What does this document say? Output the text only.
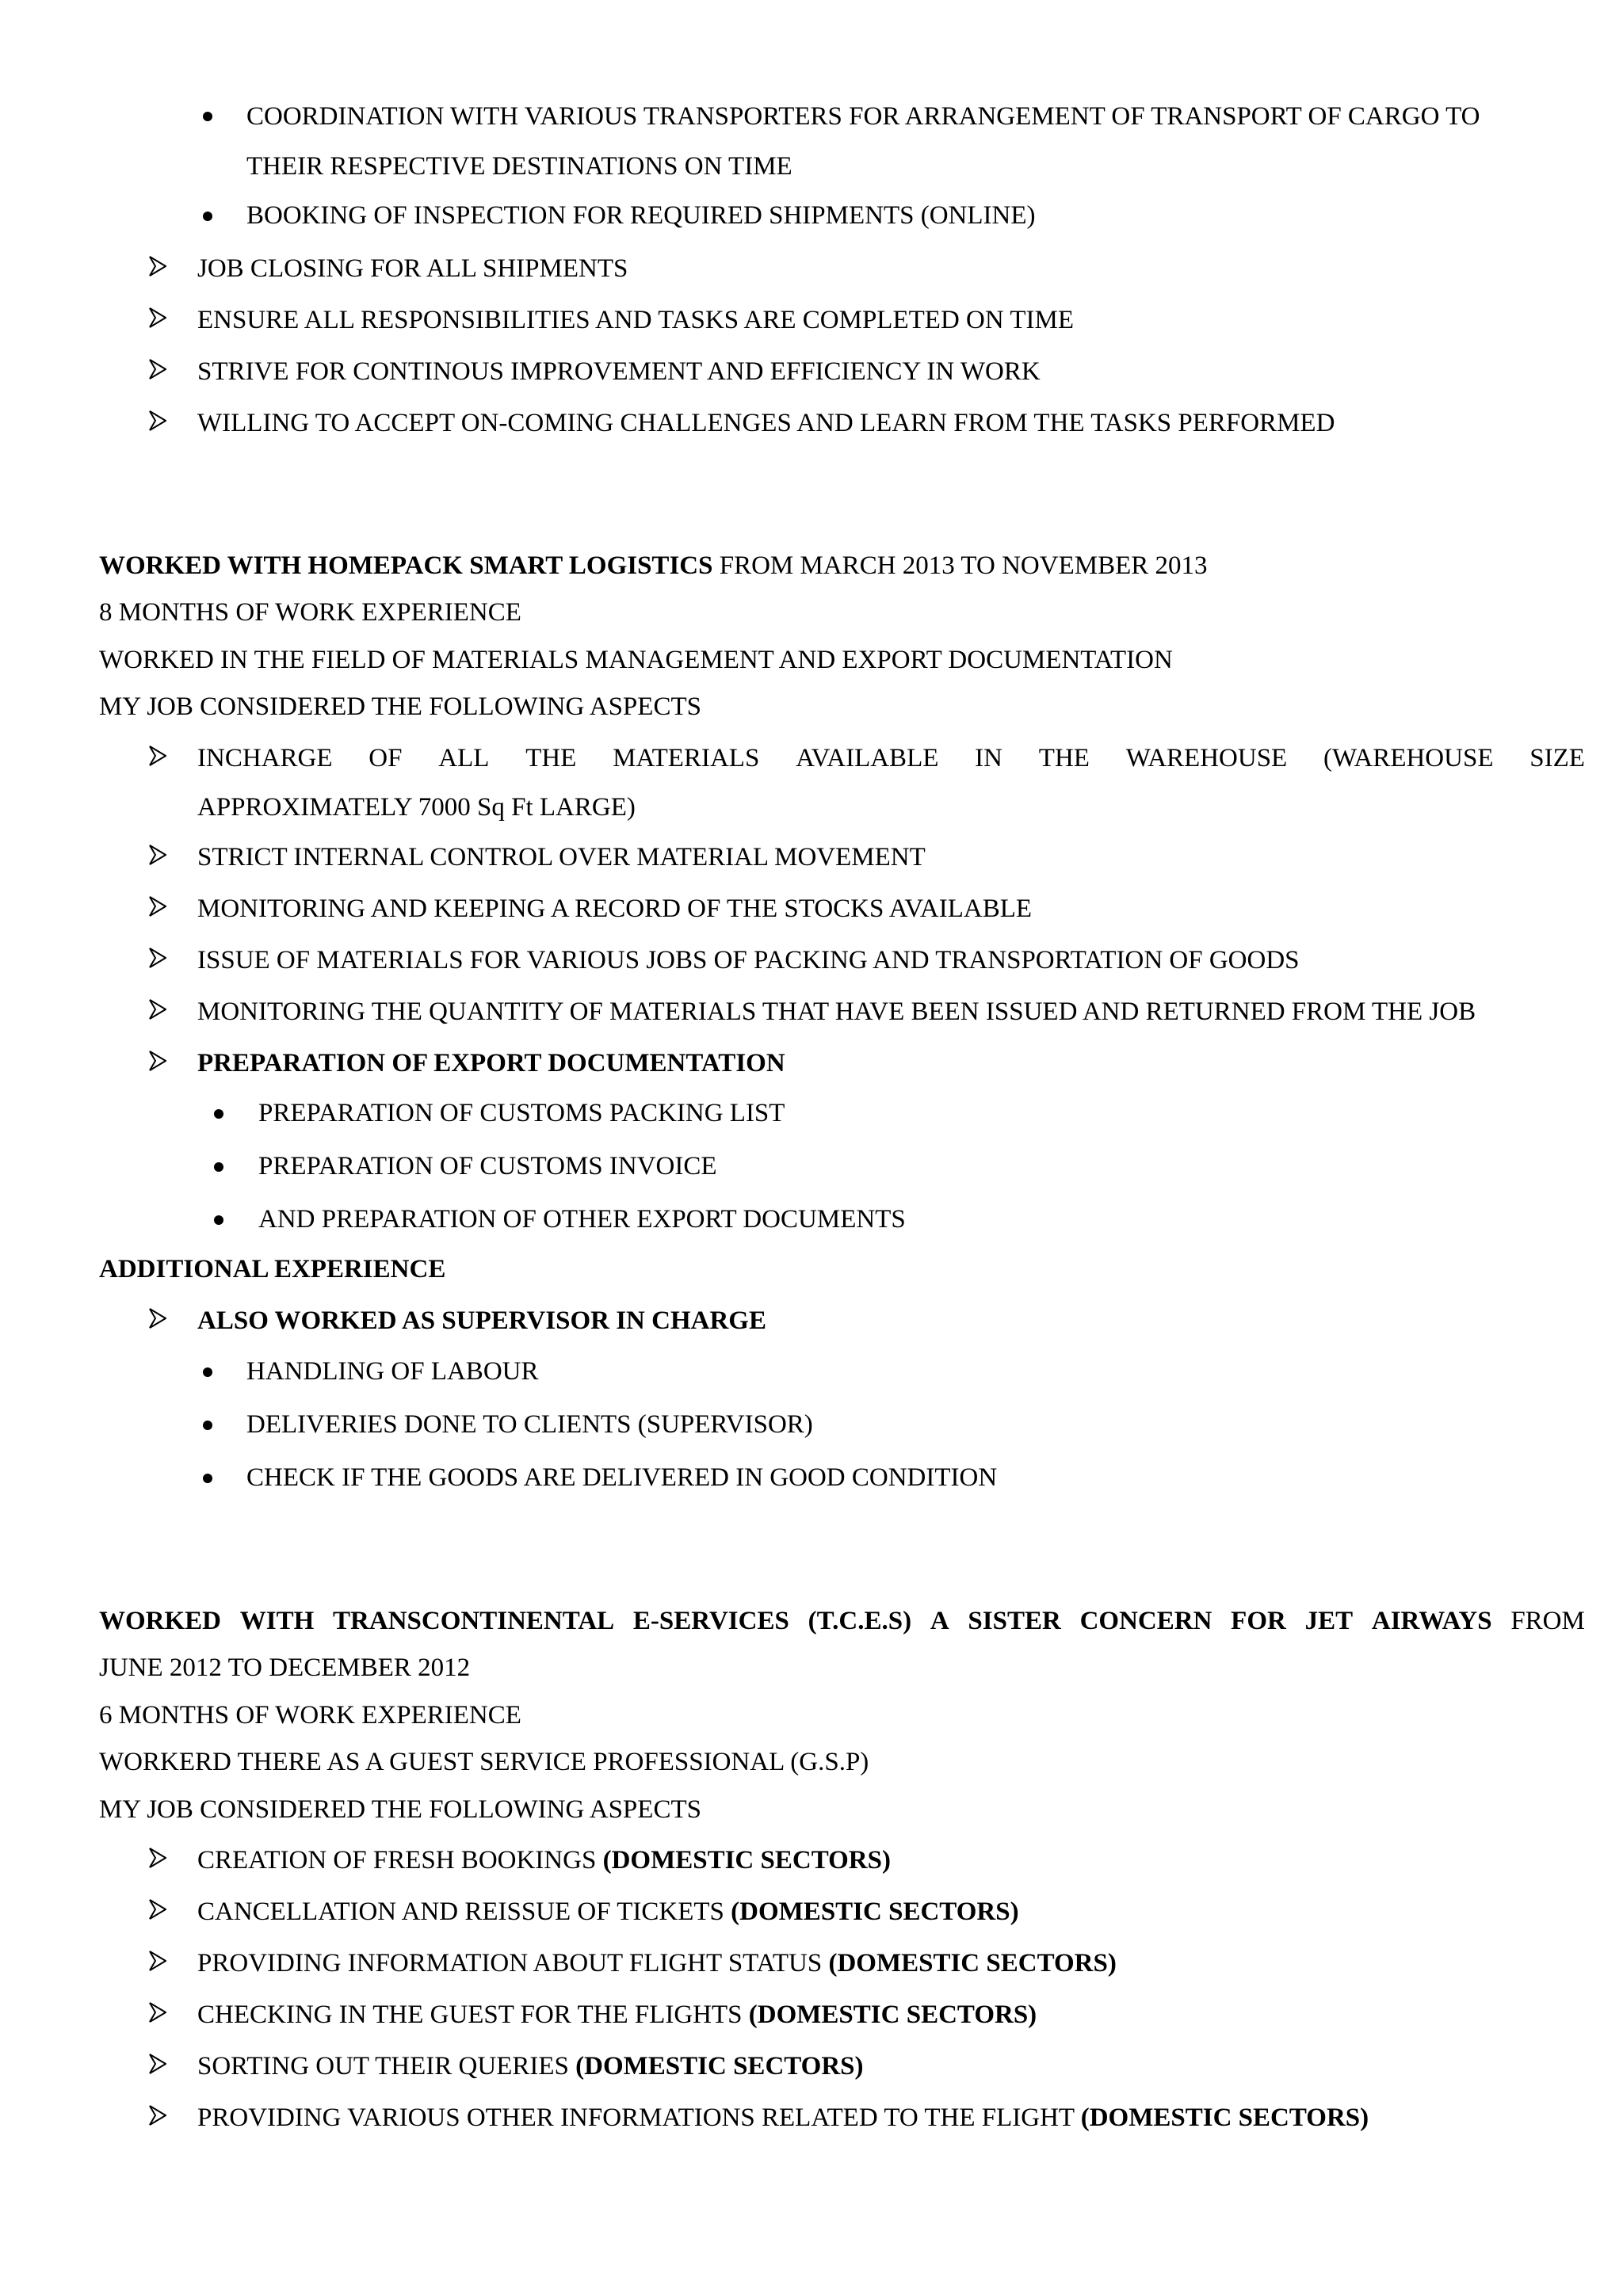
COORDINATION WITH VARIOUS TRANSPORTERS FOR ARRANGEMENT OF TRANSPORT OF CARGO TO
THEIR RESPECTIVE DESTINATIONS ON TIME
BOOKING OF INSPECTION FOR REQUIRED SHIPMENTS (ONLINE)
JOB CLOSING FOR ALL SHIPMENTS
ENSURE ALL RESPONSIBILITIES AND TASKS ARE COMPLETED ON TIME
STRIVE FOR CONTINOUS IMPROVEMENT AND EFFICIENCY IN WORK
WILLING TO ACCEPT ON-COMING CHALLENGES AND LEARN FROM THE TASKS PERFORMED
WORKED WITH HOMEPACK SMART LOGISTICS FROM MARCH 2013 TO NOVEMBER 2013
8 MONTHS OF WORK EXPERIENCE
WORKED IN THE FIELD OF MATERIALS MANAGEMENT AND EXPORT DOCUMENTATION
MY JOB CONSIDERED THE FOLLOWING ASPECTS
INCHARGE OF ALL THE MATERIALS AVAILABLE IN THE WAREHOUSE (WAREHOUSE SIZE
APPROXIMATELY 7000 Sq Ft LARGE)
STRICT INTERNAL CONTROL OVER MATERIAL MOVEMENT
MONITORING AND KEEPING A RECORD OF THE STOCKS AVAILABLE
ISSUE OF MATERIALS FOR VARIOUS JOBS OF PACKING AND TRANSPORTATION OF GOODS
MONITORING THE QUANTITY OF MATERIALS THAT HAVE BEEN ISSUED AND RETURNED FROM THE JOB
PREPARATION OF EXPORT DOCUMENTATION
PREPARATION OF CUSTOMS PACKING LIST
PREPARATION OF CUSTOMS INVOICE
AND PREPARATION OF OTHER EXPORT DOCUMENTS
ADDITIONAL EXPERIENCE
ALSO WORKED AS SUPERVISOR IN CHARGE
HANDLING OF LABOUR
DELIVERIES DONE TO CLIENTS (SUPERVISOR)
CHECK IF THE GOODS ARE DELIVERED IN GOOD CONDITION
WORKED WITH TRANSCONTINENTAL E-SERVICES (T.C.E.S) A SISTER CONCERN FOR JET AIRWAYS FROM
JUNE 2012 TO DECEMBER 2012
6 MONTHS OF WORK EXPERIENCE
WORKERD THERE AS A GUEST SERVICE PROFESSIONAL (G.S.P)
MY JOB CONSIDERED THE FOLLOWING ASPECTS
CREATION OF FRESH BOOKINGS (DOMESTIC SECTORS)
CANCELLATION AND REISSUE OF TICKETS (DOMESTIC SECTORS)
PROVIDING INFORMATION ABOUT FLIGHT STATUS (DOMESTIC SECTORS)
CHECKING IN THE GUEST FOR THE FLIGHTS (DOMESTIC SECTORS)
SORTING OUT THEIR QUERIES (DOMESTIC SECTORS)
PROVIDING VARIOUS OTHER INFORMATIONS RELATED TO THE FLIGHT (DOMESTIC SECTORS)
